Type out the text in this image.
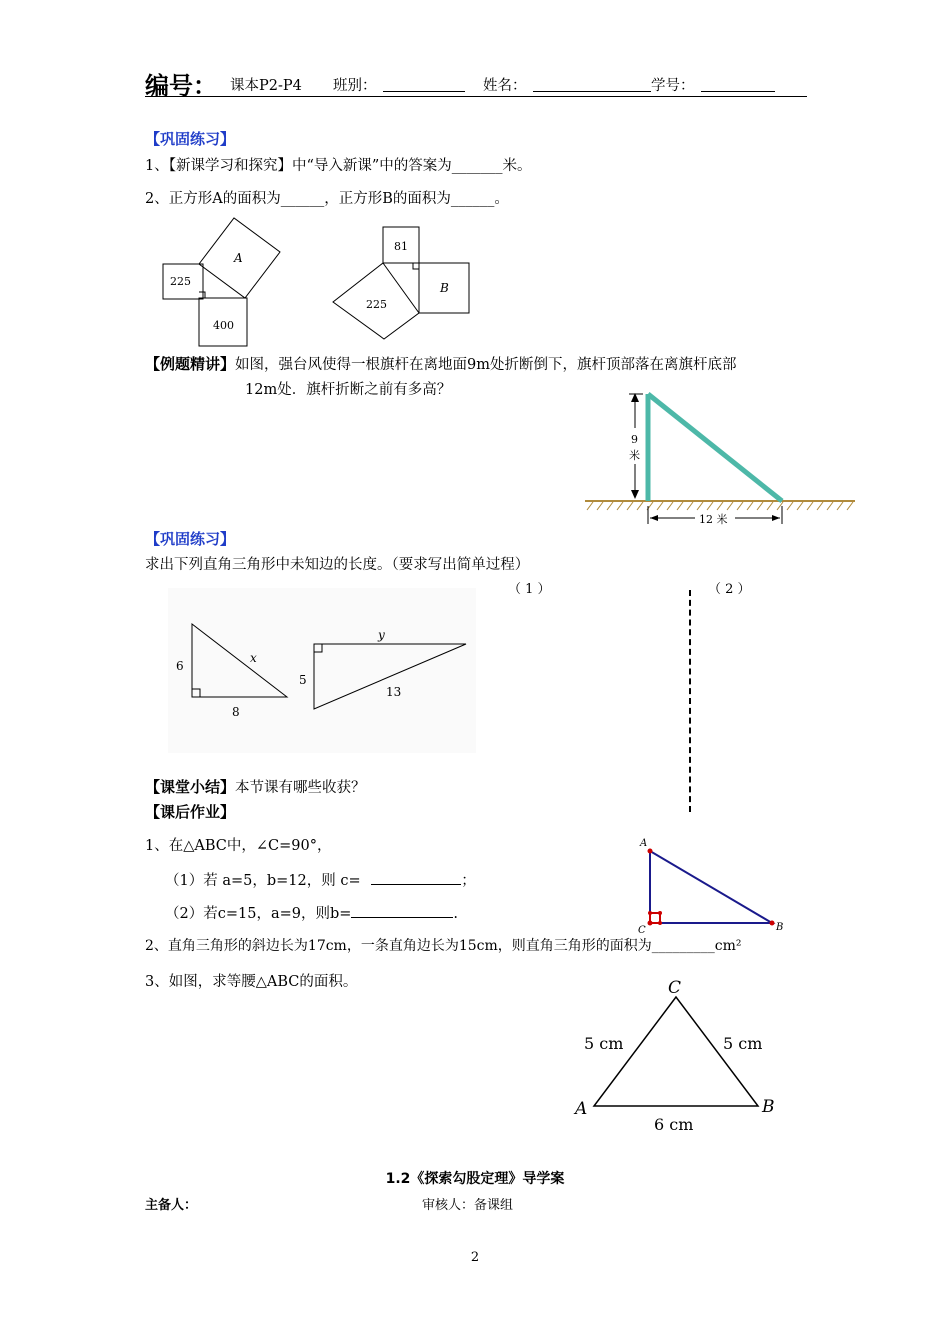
编号： 课本P2-P4 班别：	姓名：	学号：
【巩固练习】
1、【新课学习和探究】中“导入新课”中的答案为_______米。
2、正方形A的面积为______，正方形B的面积为______。
225
A
400
81
B
225
【例题精讲】如图，强台风使得一根旗杆在离地面9m处折断倒下，旗杆顶部落在离旗杆底部
12m处．旗杆折断之前有多高？
9
米
12 米
【巩固练习】
求出下列直角三角形中未知边的长度。（要求写出简单过程）
（ 1 ）	（ 2 ）
6
8
x
y
5
13
【课堂小结】本节课有哪些收获？
【课后作业】
1、在△ABC中，∠C=90°，
（1）若 a=5，b=12，则 c=	；
（2）若c=15，a=9，则b=	.
A
C	B
2、直角三角形的斜边长为17cm，一条直角边长为15cm，则直角三角形的面积为_________cm²
3、如图，求等腰△ABC的面积。	C
A	B
5 cm	5 cm
6 cm
1.2《探索勾股定理》导学案
主备人：	审核人：备课组
2
